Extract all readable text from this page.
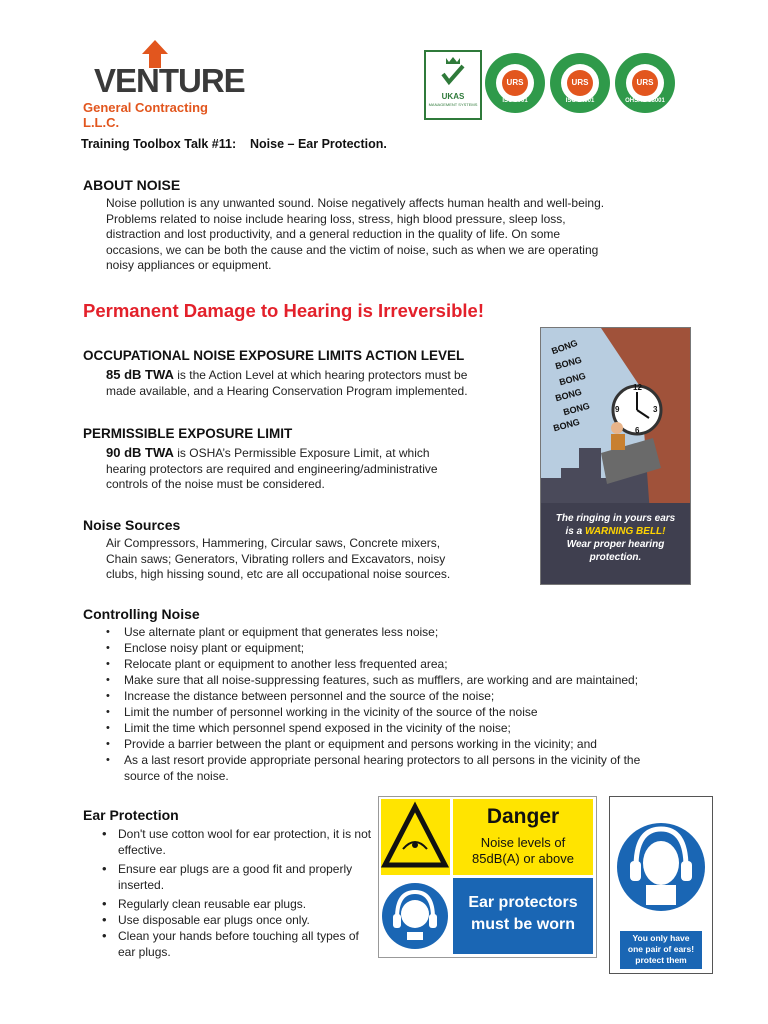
VENTURE
General Contracting L.L.C.
UKAS
MANAGEMENT SYSTEMS
URS
ISO 9001
URS
ISO 14001
URS
OHSAS 18001
Training Toolbox Talk #11:    Noise – Ear Protection.
ABOUT NOISE
Noise pollution is any unwanted sound. Noise negatively affects human health and well-being.
Problems related to noise include hearing loss, stress, high blood pressure, sleep loss,
distraction and lost productivity, and a general reduction in the quality of life. On some
occasions, we can be both the cause and the victim of noise, such as when we are operating
noisy appliances or equipment.
Permanent Damage to Hearing is Irreversible!
OCCUPATIONAL NOISE EXPOSURE LIMITS ACTION LEVEL
85 dB TWA is the Action Level at which hearing protectors must be
made available, and a Hearing Conservation Program implemented.
PERMISSIBLE EXPOSURE LIMIT
90 dB TWA is OSHA’s Permissible Exposure Limit, at which
hearing protectors are required and engineering/administrative
controls of the noise must be considered.
Noise Sources
Air Compressors, Hammering, Circular saws, Concrete mixers,
Chain saws; Generators, Vibrating rollers and Excavators, noisy
clubs, high hissing sound, etc are all occupational noise sources.
Controlling Noise
• Use alternate plant or equipment that generates less noise;
• Enclose noisy plant or equipment;
• Relocate plant or equipment to another less frequented area;
• Make sure that all noise-suppressing features, such as mufflers, are working and are maintained;
• Increase the distance between personnel and the source of the noise;
• Limit the number of personnel working in the vicinity of the source of the noise
• Limit the time which personnel spend exposed in the vicinity of the noise;
• Provide a barrier between the plant or equipment and persons working in the vicinity; and
• As a last resort provide appropriate personal hearing protectors to all persons in the vicinity of the source of the noise.
Ear Protection
• Don't use cotton wool for ear protection, it is not effective.
• Ensure ear plugs are a good fit and properly inserted.
• Regularly clean reusable ear plugs.
• Use disposable ear plugs once only.
• Clean your hands before touching all types of ear plugs.
BONG
BONG
BONG
BONG
BONG
BONG
12
3
6
9
The ringing in yours ears
is a WARNING BELL!
Wear proper hearing protection.
Danger
Noise levels of
85dB(A) or above
Ear protectors
must be worn
You only have
one pair of ears!
protect them
